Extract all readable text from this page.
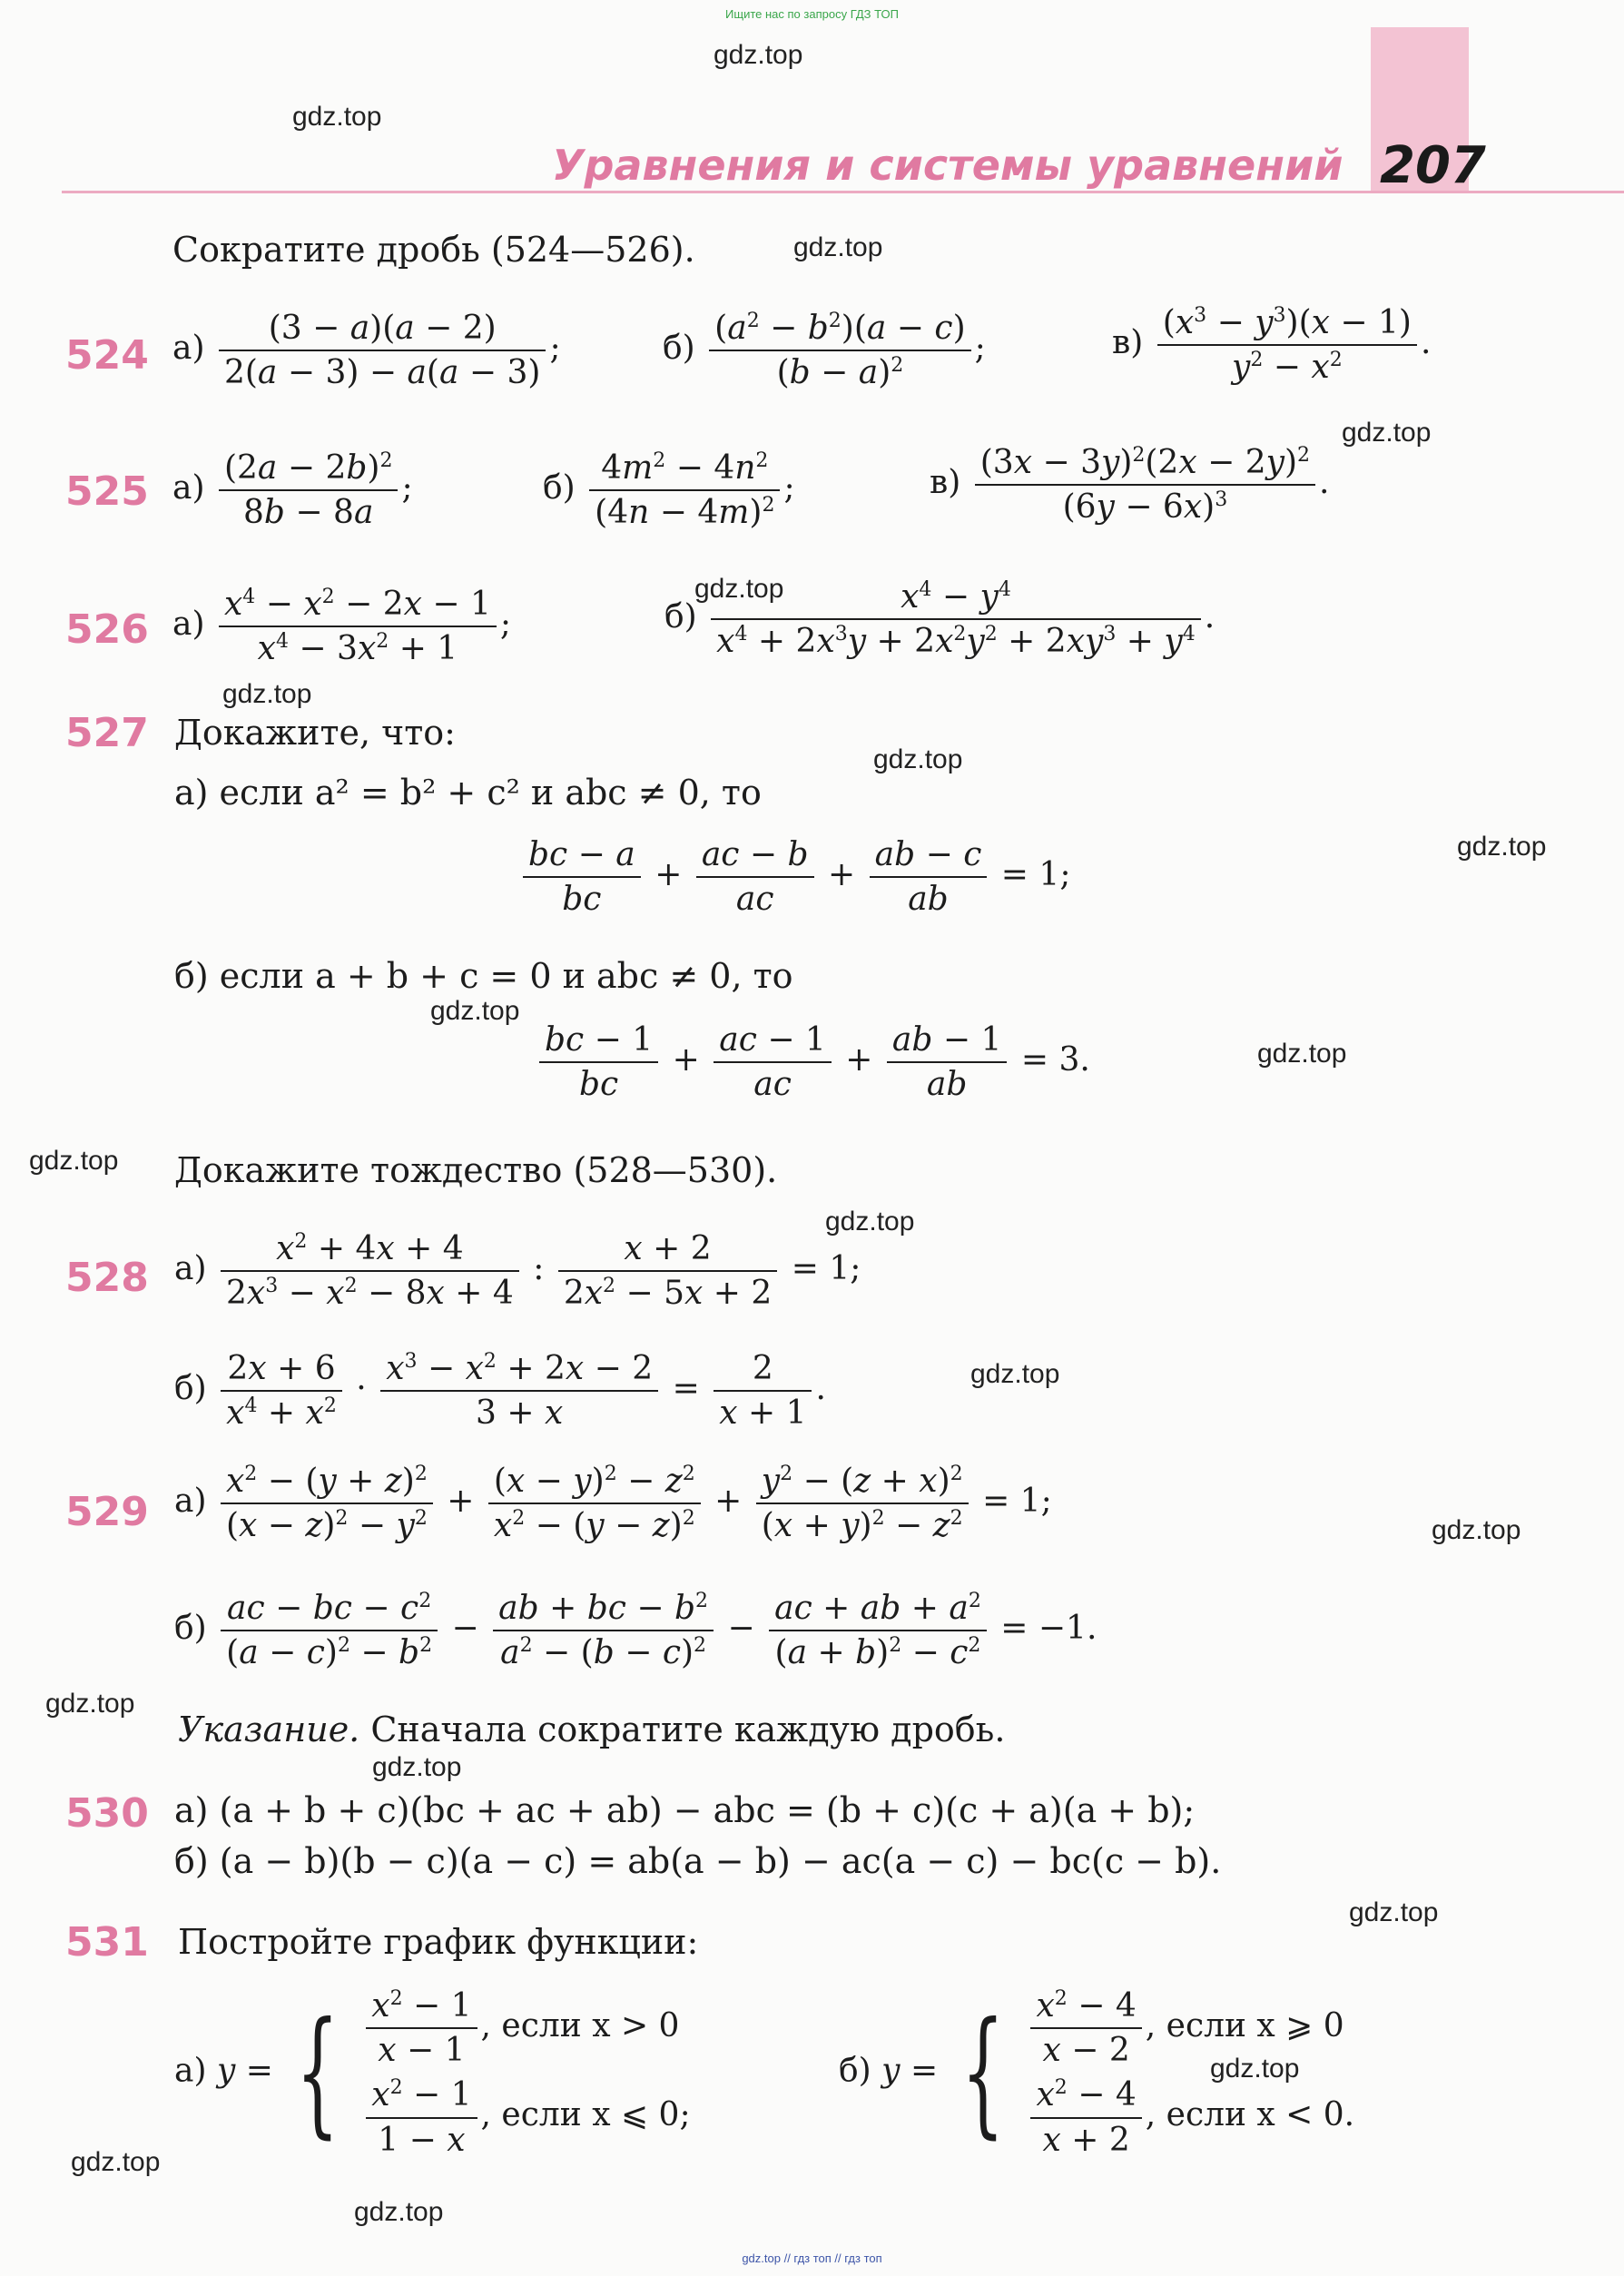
Ищите нас по запросу ГДЗ ТОП
Уравнения и системы уравнений 207
gdz.top
gdz.top
gdz.top
gdz.top
gdz.top
gdz.top
gdz.top
gdz.top
gdz.top
gdz.top
gdz.top
gdz.top
gdz.top
gdz.top
gdz.top
gdz.top
gdz.top
gdz.top
gdz.top
gdz.top
Сократите дробь (524—526).
524 $а) \frac{(3 - a)(a - 2)}{2(a - 3) - a(a - 3)}$ ;	$б) \frac{(a^2 - b^2)(a - c)}{(b - a)^2}$ ;	$в) \frac{(x^3 - y^3)(x - 1)}{y^2 - x^2}$ .
525 $а) \frac{(2a - 2b)^2}{8b - 8a}$ ;	$б) \frac{4m^2 - 4n^2}{(4n - 4m)^2}$ ;	$в) \frac{(3x - 3y)^2(2x - 2y)^2}{(6y - 6x)^3}$ .
526 $а) \frac{x^4 - x^2 - 2x - 1}{x^4 - 3x^2 + 1}$ ;	$б) \frac{x^4 - y^4}{x^4 + 2x^3y + 2x^2y^2 + 2xy^3 + y^4}$ .
527 Докажите, что:
а) если a² = b² + c² и abc ≠ 0, то
$\frac{bc - a}{bc} + \frac{ac - b}{ac} + \frac{ab - c}{ab} = 1$;
б) если a + b + c = 0 и abc ≠ 0, то
$\frac{bc - 1}{bc} + \frac{ac - 1}{ac} + \frac{ab - 1}{ab} = 3$.
Докажите тождество (528—530).
528 $а) \frac{x^2 + 4x + 4}{2x^3 - x^2 - 8x + 4}$ : $\frac{x + 2}{2x^2 - 5x + 2} = 1$;
$б) \frac{2x + 6}{x^4 + x^2} \cdot \frac{x^3 - x^2 + 2x - 2}{3 + x} = \frac{2}{x + 1}$ .
529 $а) \frac{x^2 - (y + z)^2}{(x - z)^2 - y^2} + \frac{(x - y)^2 - z^2}{x^2 - (y - z)^2} + \frac{y^2 - (z + x)^2}{(x + y)^2 - z^2} = 1$;
$б) \frac{ac - bc - c^2}{(a - c)^2 - b^2} - \frac{ab + bc - b^2}{a^2 - (b - c)^2} - \frac{ac + ab + a^2}{(a + b)^2 - c^2} = -1$.
Указание. Сначала сократите каждую дробь.
530 а) (a + b + c)(bc + ac + ab) − abc = (b + c)(c + a)(a + b);
б) (a − b)(b − c)(a − c) = ab(a − b) − ac(a − c) − bc(c − b).
531 Постройте график функции:
а) y = { $\frac{x^2 - 1}{x - 1}$ , если x > 0
$\frac{x^2 - 1}{1 - x}$ , если x ⩽ 0;
б) y = { $\frac{x^2 - 4}{x - 2}$ , если x ⩾ 0
$\frac{x^2 - 4}{x + 2}$ , если x < 0.
gdz.top // гдз топ // гдз топ
